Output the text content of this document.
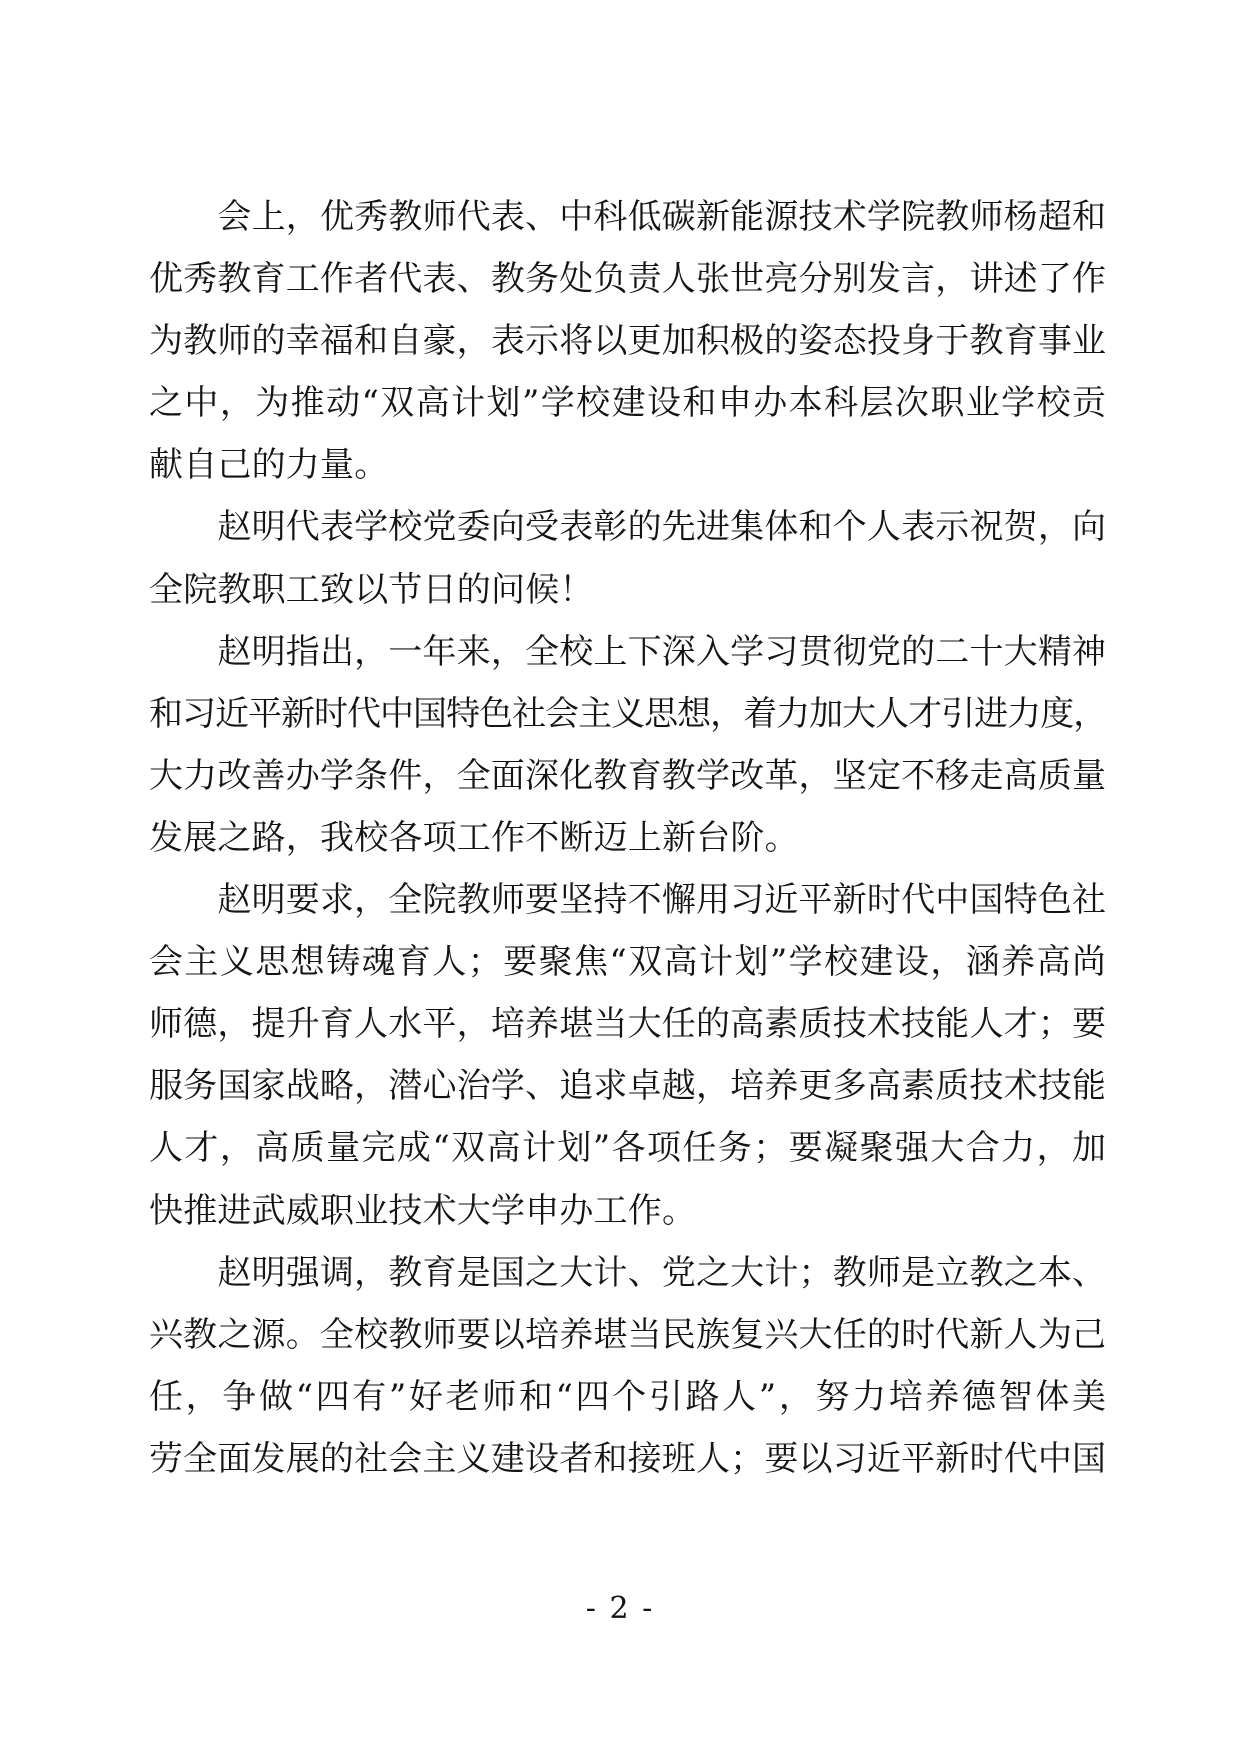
会上，优秀教师代表、中科低碳新能源技术学院教师杨超和
优秀教育工作者代表、教务处负责人张世亮分别发言，讲述了作
为教师的幸福和自豪，表示将以更加积极的姿态投身于教育事业
之中，为推动“双高计划”学校建设和申办本科层次职业学校贡
献自己的力量。
赵明代表学校党委向受表彰的先进集体和个人表示祝贺，向
全院教职工致以节日的问候！
赵明指出，一年来，全校上下深入学习贯彻党的二十大精神
和习近平新时代中国特色社会主义思想，着力加大人才引进力度，
大力改善办学条件，全面深化教育教学改革，坚定不移走高质量
发展之路，我校各项工作不断迈上新台阶。
赵明要求，全院教师要坚持不懈用习近平新时代中国特色社
会主义思想铸魂育人；要聚焦“双高计划”学校建设，涵养高尚
师德，提升育人水平，培养堪当大任的高素质技术技能人才；要
服务国家战略，潜心治学、追求卓越，培养更多高素质技术技能
人才，高质量完成“双高计划”各项任务；要凝聚强大合力，加
快推进武威职业技术大学申办工作。
赵明强调，教育是国之大计、党之大计；教师是立教之本、
兴教之源。全校教师要以培养堪当民族复兴大任的时代新人为己
任，争做“四有”好老师和“四个引路人”，努力培养德智体美
劳全面发展的社会主义建设者和接班人；要以习近平新时代中国
- 2 -
